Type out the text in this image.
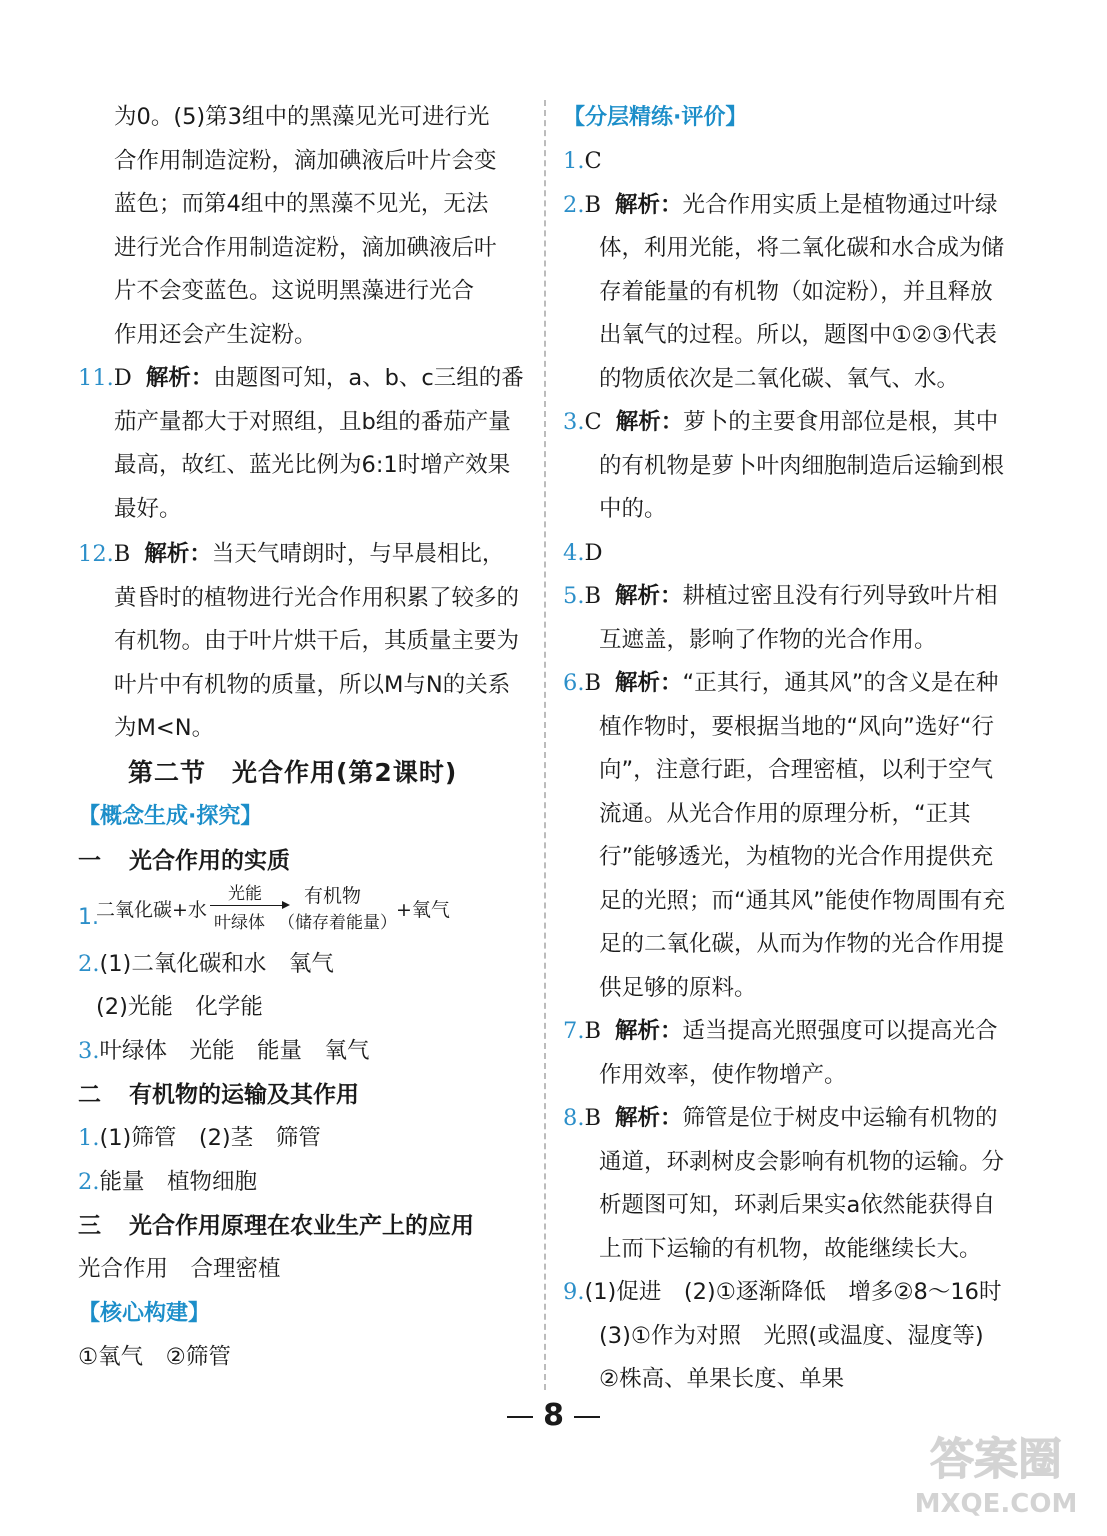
为0。(5)第3组中的黑藻见光可进行光
合作用制造淀粉，滴加碘液后叶片会变
蓝色；而第4组中的黑藻不见光，无法
进行光合作用制造淀粉，滴加碘液后叶
片不会变蓝色。这说明黑藻进行光合
作用还会产生淀粉。
11.D 解析：由题图可知，a、b、c三组的番茄产量都大于对照组，且b组的番茄产量最高，故红、蓝光比例为6:1时增产效果最好。
12.B 解析：当天气晴朗时，与早晨相比，黄昏时的植物进行光合作用积累了较多的有机物。由于叶片烘干后，其质量主要为叶片中有机物的质量，所以M与N的关系为M<N。
第二节　光合作用(第2课时)
【概念生成·探究】
一 光合作用的实质
1.
二氧化碳+水
光能
叶绿体
有机物
（储存着能量）
+氧气
2.(1)二氧化碳和水　氧气
(2)光能　化学能
3.叶绿体　光能　能量　氧气
二 有机物的运输及其作用
1.(1)筛管　(2)茎　筛管
2.能量　植物细胞
三 光合作用原理在农业生产上的应用
光合作用　合理密植
【核心构建】
①氧气　②筛管
【分层精练·评价】
1.C
2.B 解析：光合作用实质上是植物通过叶绿体，利用光能，将二氧化碳和水合成为储存着能量的有机物（如淀粉），并且释放出氧气的过程。所以，题图中①②③代表的物质依次是二氧化碳、氧气、水。
3.C 解析：萝卜的主要食用部位是根，其中的有机物是萝卜叶肉细胞制造后运输到根中的。
4.D
5.B 解析：耕植过密且没有行列导致叶片相互遮盖，影响了作物的光合作用。
6.B 解析：“正其行，通其风”的含义是在种植作物时，要根据当地的“风向”选好“行向”，注意行距，合理密植，以利于空气流通。从光合作用的原理分析，“正其行”能够透光，为植物的光合作用提供充足的光照；而“通其风”能使作物周围有充足的二氧化碳，从而为作物的光合作用提供足够的原料。
7.B 解析：适当提高光照强度可以提高光合作用效率，使作物增产。
8.B 解析：筛管是位于树皮中运输有机物的通道，环剥树皮会影响有机物的运输。分析题图可知，环剥后果实a依然能获得自上而下运输的有机物，故能继续长大。
9.(1)促进　(2)①逐渐降低　增多②8～16时　(3)①作为对照　光照(或温度、湿度等)　②株高、单果长度、单果
8
答案圈
MXQE.COM
